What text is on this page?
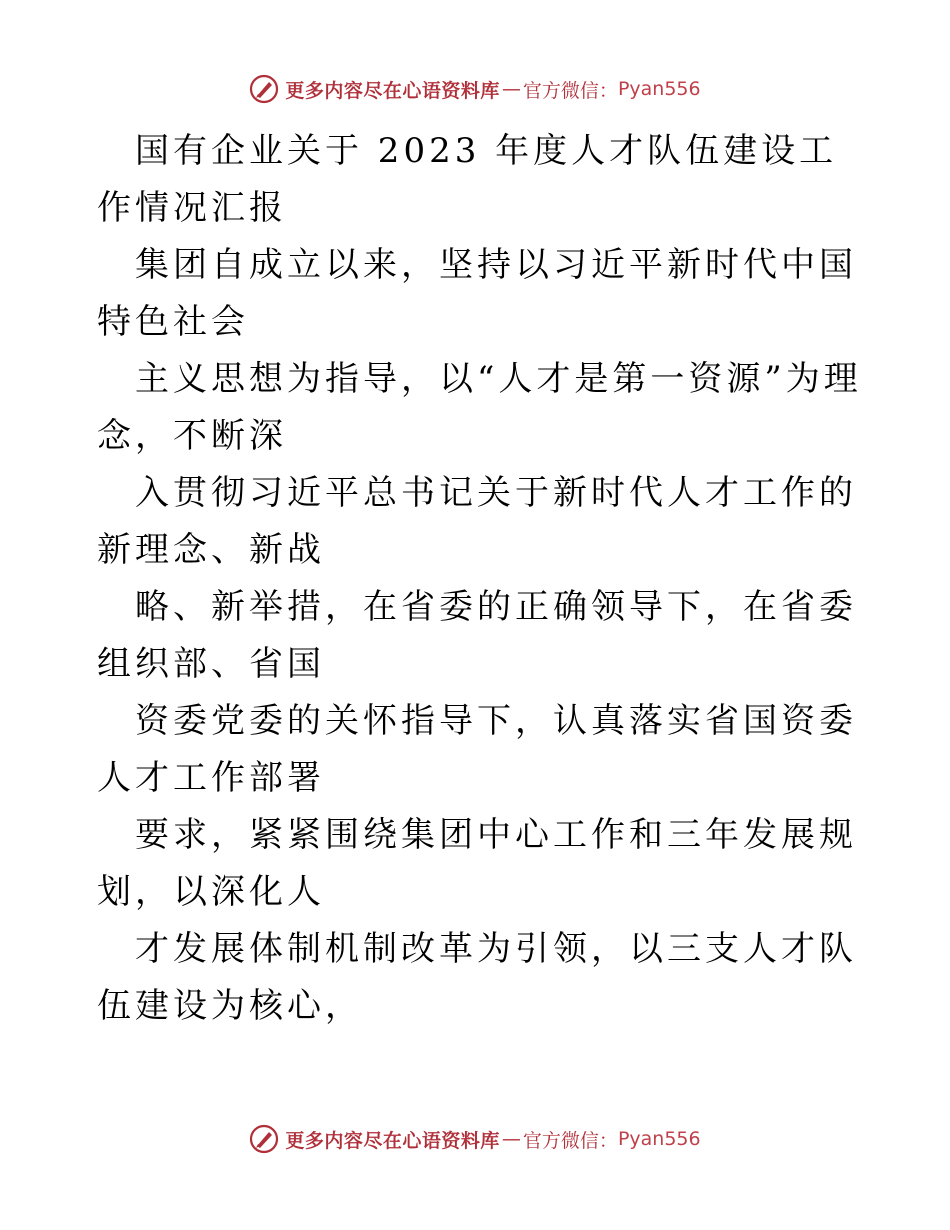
更多内容尽在心语资料库 — 官方微信： Pyan556

国有企业关于 2023 年度人才队伍建设工作情况汇报

集团自成立以来，坚持以习近平新时代中国特色社会

主义思想为指导，以“人才是第一资源”为理念，不断深

入贯彻习近平总书记关于新时代人才工作的新理念、新战

略、新举措，在省委的正确领导下，在省委组织部、省国

资委党委的关怀指导下，认真落实省国资委人才工作部署

要求，紧紧围绕集团中心工作和三年发展规划，以深化人

才发展体制机制改革为引领，以三支人才队伍建设为核心，

更多内容尽在心语资料库 — 官方微信： Pyan556
